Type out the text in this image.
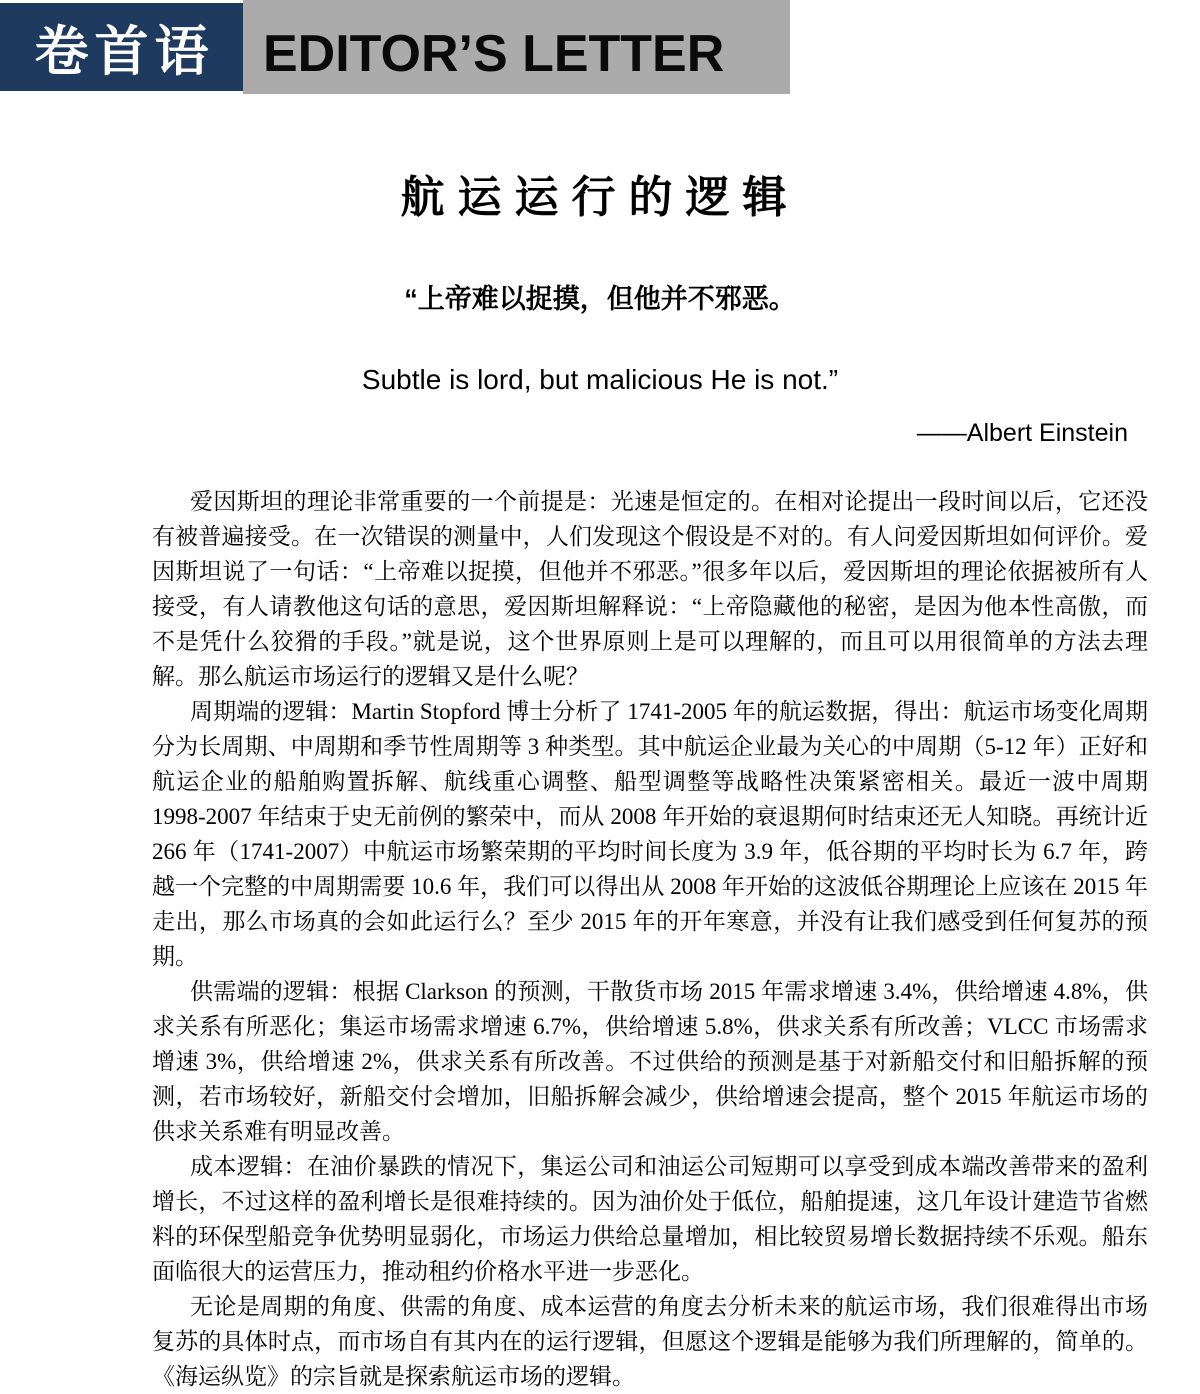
卷首语 EDITOR’S LETTER
航运运行的逻辑

“上帝难以捉摸，但他并不邪恶。

Subtle is lord, but malicious He is not.”

——Albert Einstein

爱因斯坦的理论非常重要的一个前提是：光速是恒定的。在相对论提出一段时间以后，它还没有被普遍接受。在一次错误的测量中，人们发现这个假设是不对的。有人问爱因斯坦如何评价。爱因斯坦说了一句话：“上帝难以捉摸，但他并不邪恶。”很多年以后，爱因斯坦的理论依据被所有人接受，有人请教他这句话的意思，爱因斯坦解释说：“上帝隐藏他的秘密，是因为他本性高傲，而不是凭什么狡猾的手段。”就是说，这个世界原则上是可以理解的，而且可以用很简单的方法去理解。那么航运市场运行的逻辑又是什么呢？

周期端的逻辑：Martin Stopford 博士分析了 1741-2005 年的航运数据，得出：航运市场变化周期分为长周期、中周期和季节性周期等 3 种类型。其中航运企业最为关心的中周期（5-12 年）正好和航运企业的船舶购置拆解、航线重心调整、船型调整等战略性决策紧密相关。最近一波中周期 1998-2007 年结束于史无前例的繁荣中，而从 2008 年开始的衰退期何时结束还无人知晓。再统计近 266 年（1741-2007）中航运市场繁荣期的平均时间长度为 3.9 年，低谷期的平均时长为 6.7 年，跨越一个完整的中周期需要 10.6 年，我们可以得出从 2008 年开始的这波低谷期理论上应该在 2015 年走出，那么市场真的会如此运行么？至少 2015 年的开年寒意，并没有让我们感受到任何复苏的预期。

供需端的逻辑：根据 Clarkson 的预测，干散货市场 2015 年需求增速 3.4%，供给增速 4.8%，供求关系有所恶化；集运市场需求增速 6.7%，供给增速 5.8%，供求关系有所改善；VLCC 市场需求增速 3%，供给增速 2%，供求关系有所改善。不过供给的预测是基于对新船交付和旧船拆解的预测，若市场较好，新船交付会增加，旧船拆解会减少，供给增速会提高，整个 2015 年航运市场的供求关系难有明显改善。

成本逻辑：在油价暴跌的情况下，集运公司和油运公司短期可以享受到成本端改善带来的盈利增长，不过这样的盈利增长是很难持续的。因为油价处于低位，船舶提速，这几年设计建造节省燃料的环保型船竞争优势明显弱化，市场运力供给总量增加，相比较贸易增长数据持续不乐观。船东面临很大的运营压力，推动租约价格水平进一步恶化。

无论是周期的角度、供需的角度、成本运营的角度去分析未来的航运市场，我们很难得出市场复苏的具体时点，而市场自有其内在的运行逻辑，但愿这个逻辑是能够为我们所理解的，简单的。《海运纵览》的宗旨就是探索航运市场的逻辑。
